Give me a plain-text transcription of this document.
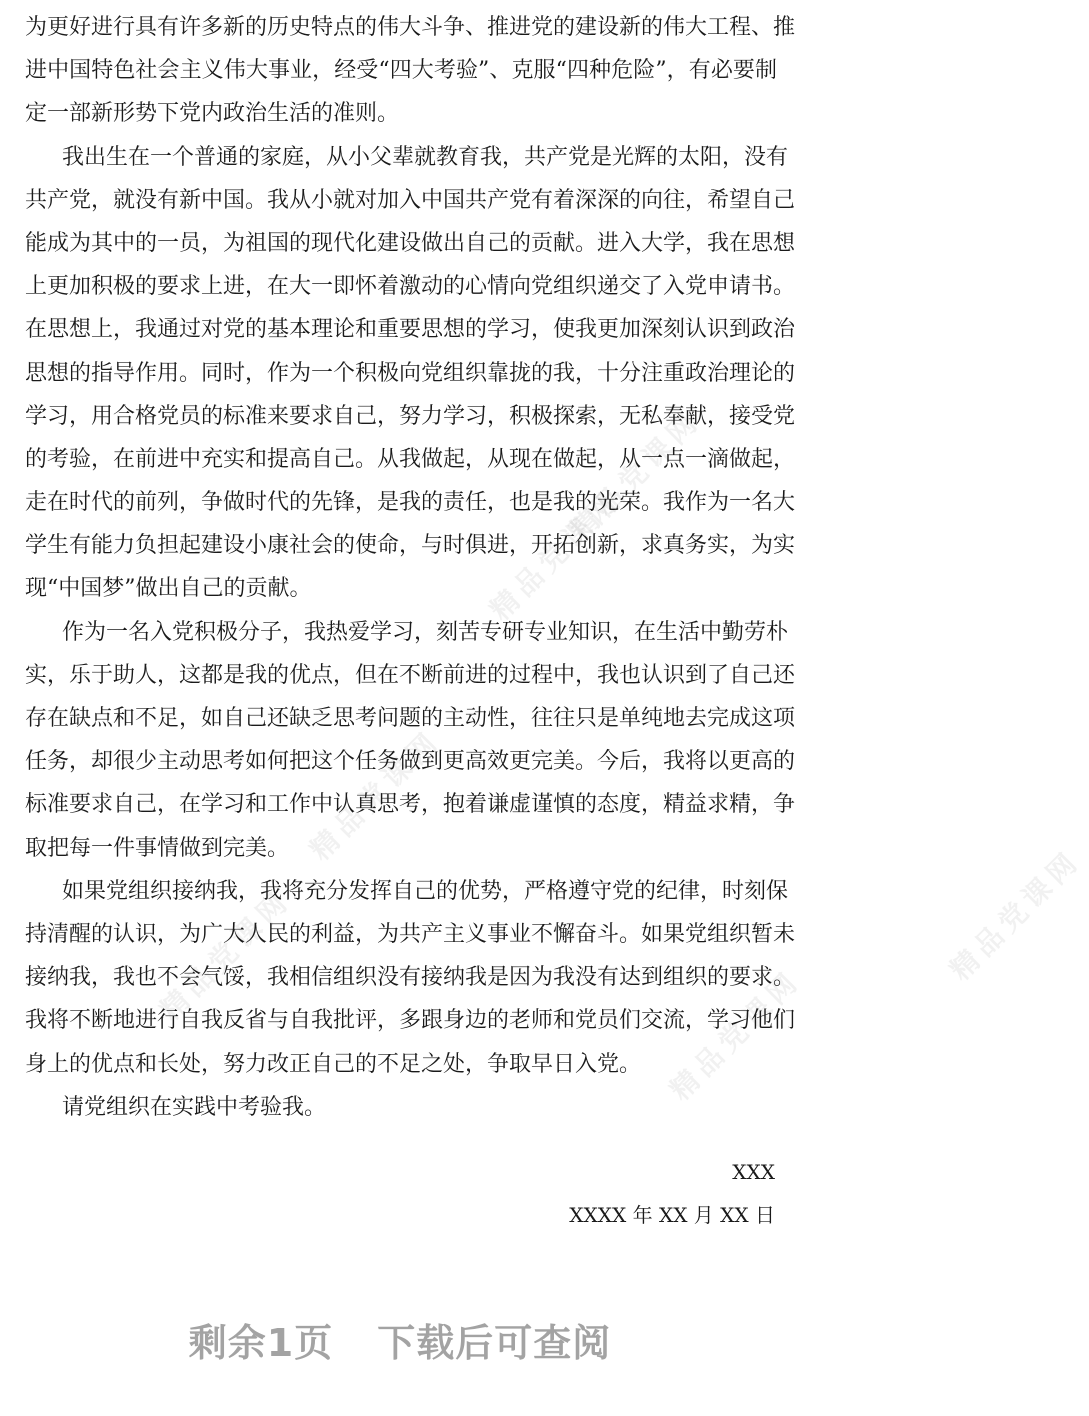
精品党课网
精品党课网
精品党课网
精品党课网
精品党课网
精品党课网
为更好进行具有许多新的历史特点的伟大斗争、推进党的建设新的伟大工程、推
进中国特色社会主义伟大事业，经受“四大考验”、克服“四种危险”，有必要制
定一部新形势下党内政治生活的准则。
我出生在一个普通的家庭，从小父辈就教育我，共产党是光辉的太阳，没有
共产党，就没有新中国。我从小就对加入中国共产党有着深深的向往，希望自己
能成为其中的一员，为祖国的现代化建设做出自己的贡献。进入大学，我在思想
上更加积极的要求上进，在大一即怀着激动的心情向党组织递交了入党申请书。
在思想上，我通过对党的基本理论和重要思想的学习，使我更加深刻认识到政治
思想的指导作用。同时，作为一个积极向党组织靠拢的我，十分注重政治理论的
学习，用合格党员的标准来要求自己，努力学习，积极探索，无私奉献，接受党
的考验，在前进中充实和提高自己。从我做起，从现在做起，从一点一滴做起，
走在时代的前列，争做时代的先锋，是我的责任，也是我的光荣。我作为一名大
学生有能力负担起建设小康社会的使命，与时俱进，开拓创新，求真务实，为实
现“中国梦”做出自己的贡献。
作为一名入党积极分子，我热爱学习，刻苦专研专业知识，在生活中勤劳朴
实，乐于助人，这都是我的优点，但在不断前进的过程中，我也认识到了自己还
存在缺点和不足，如自己还缺乏思考问题的主动性，往往只是单纯地去完成这项
任务，却很少主动思考如何把这个任务做到更高效更完美。今后，我将以更高的
标准要求自己，在学习和工作中认真思考，抱着谦虚谨慎的态度，精益求精，争
取把每一件事情做到完美。
如果党组织接纳我，我将充分发挥自己的优势，严格遵守党的纪律，时刻保
持清醒的认识，为广大人民的利益，为共产主义事业不懈奋斗。如果党组织暂未
接纳我，我也不会气馁，我相信组织没有接纳我是因为我没有达到组织的要求。
我将不断地进行自我反省与自我批评，多跟身边的老师和党员们交流，学习他们
身上的优点和长处，努力改正自己的不足之处，争取早日入党。
请党组织在实践中考验我。
XXX
XXXX 年 XX 月 XX 日
剩余1页 下载后可查阅
